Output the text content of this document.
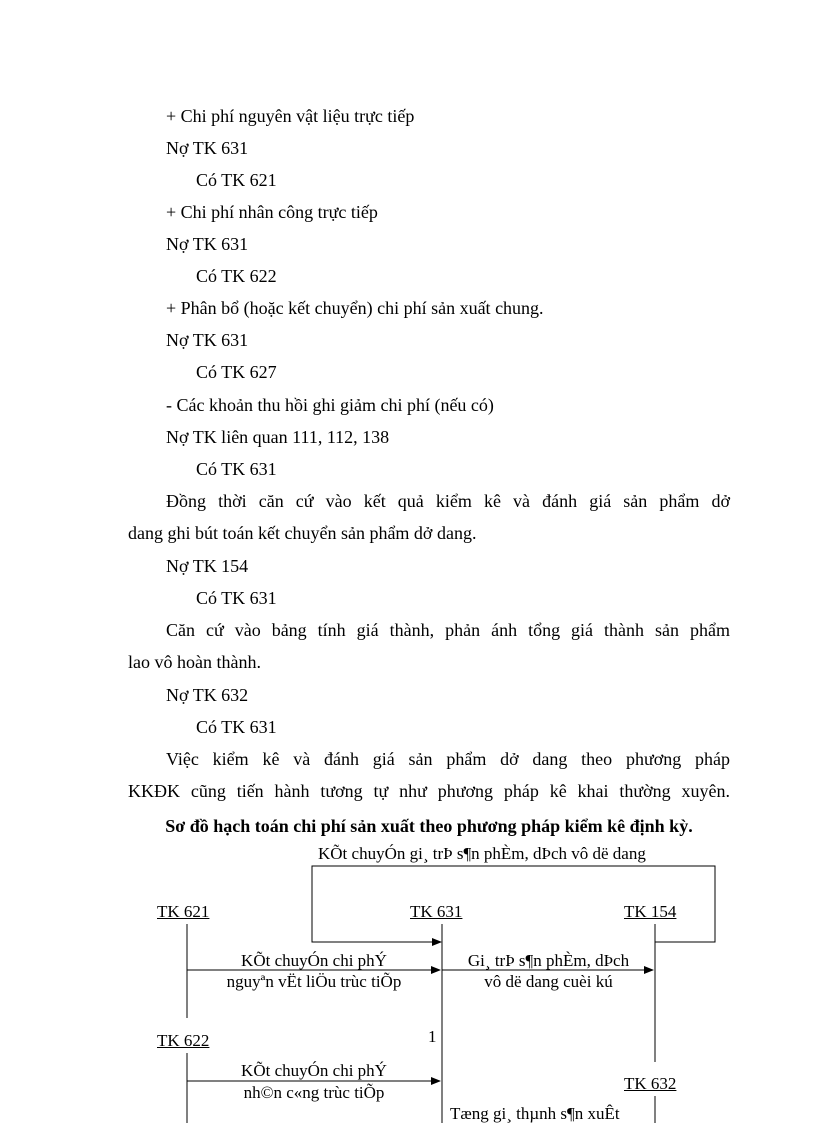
+ Chi phí nguyên vật liệu trực tiếp
Nợ TK 631
Có TK 621
+ Chi phí nhân công trực tiếp
Nợ TK 631
Có TK 622
+ Phân bổ (hoặc kết chuyển) chi phí sản xuất chung.
Nợ TK 631
Có TK 627
- Các khoản thu hồi ghi giảm chi phí (nếu có)
Nợ TK liên quan 111, 112, 138
Có TK 631
Đồng thời căn cứ vào kết quả kiểm kê và đánh giá sản phẩm dở
dang ghi bút toán kết chuyển sản phẩm dở dang.
Nợ TK 154
Có TK 631
Căn cứ vào bảng tính giá thành, phản ánh tổng giá thành sản phẩm
lao vô hoàn thành.
Nợ TK 632
Có TK 631
Việc kiểm kê và đánh giá sản phẩm dở dang theo phương pháp
KKĐK cũng tiến hành tương tự như phương pháp kê khai thường xuyên.
Sơ đồ hạch toán chi phí sản xuất theo phương pháp kiểm kê định kỳ.
KÕt chuyÓn gi¸ trÞ s¶n phÈm, dÞch vô dë dang
TK 621	TK 631	TK 154
TK 622
TK 632
KÕt chuyÓn chi phÝ
nguyªn vËt liÖu trùc tiÕp
Gi¸ trÞ s¶n phÈm, dÞch
vô dë dang cuèi kú
1
KÕt chuyÓn chi phÝ
nh©n c«ng trùc tiÕp
Tæng gi¸ thµnh s¶n xuÊt
